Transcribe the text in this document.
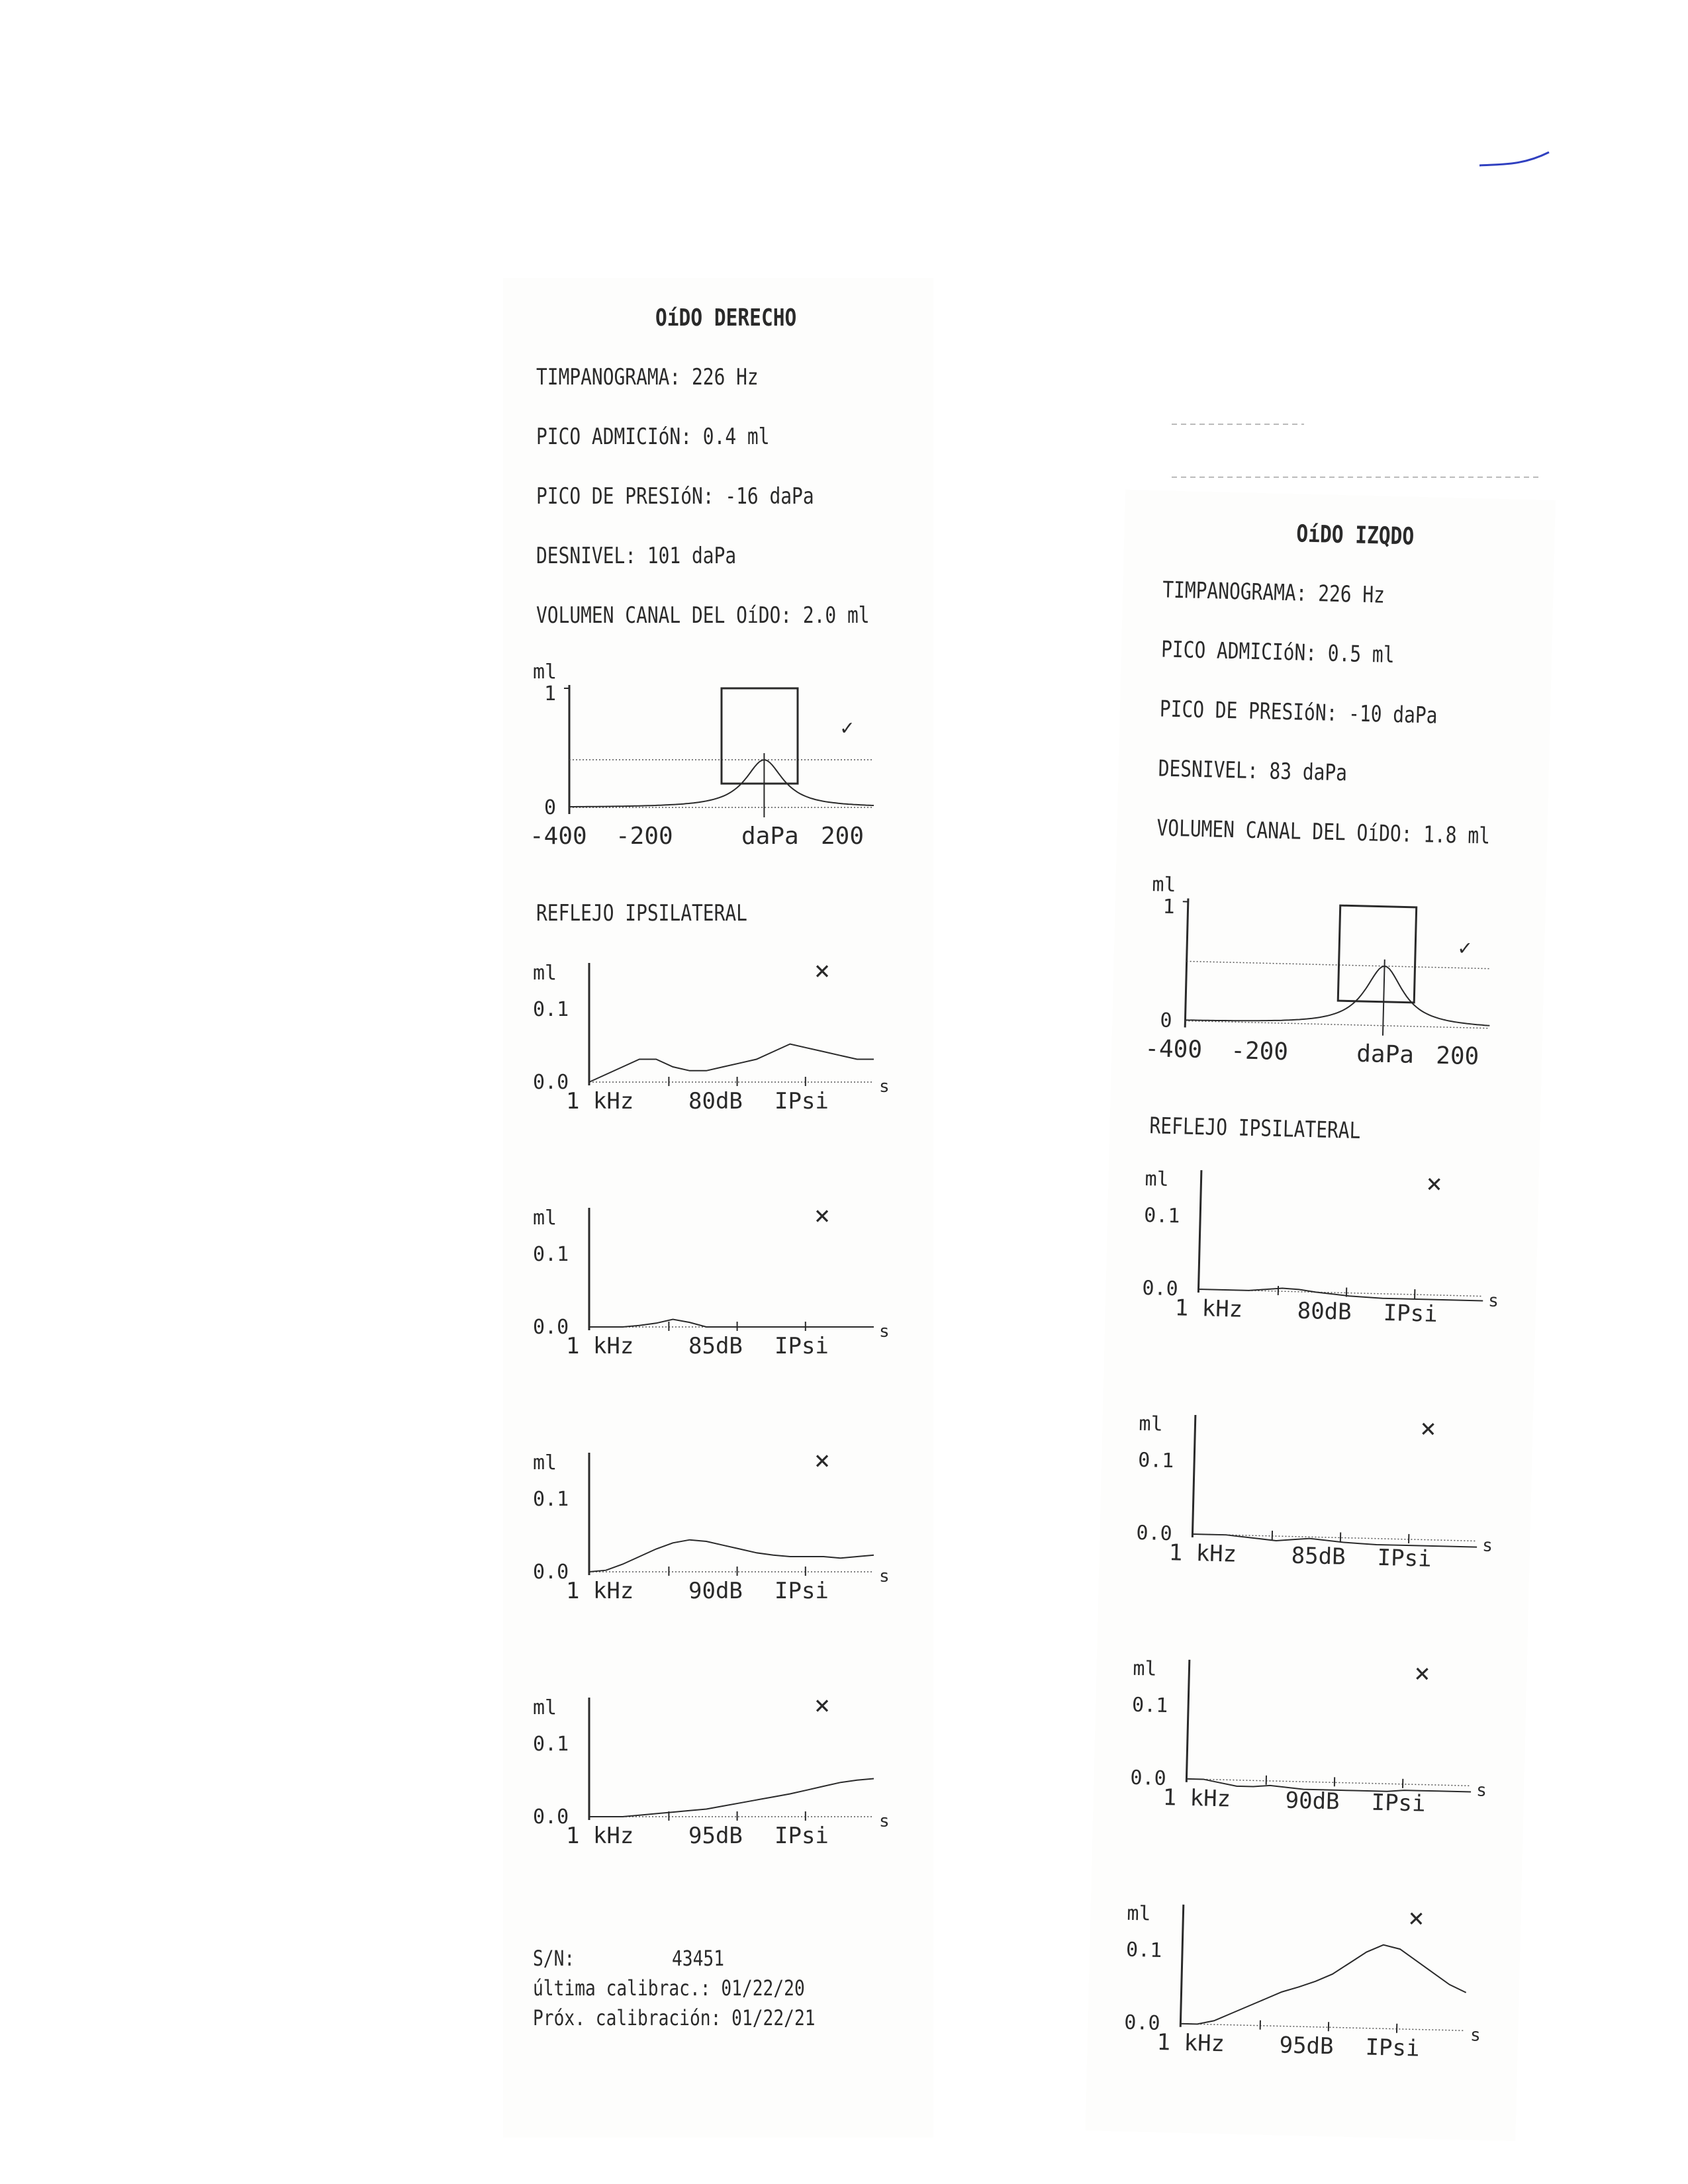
OíDO DERECHO
TIMPANOGRAMA: 226 Hz
PICO ADMICIóN: 0.4 ml
PICO DE PRESIóN: -16 daPa
DESNIVEL: 101 daPa
VOLUMEN CANAL DEL OíDO: 2.0 ml
ml
1
0
✓
-400 -200	daPa 200
REFLEJO IPSILATERAL
ml
0.1
0.0
×
1 kHz 80dB IPsi
s
ml
0.1
0.0
×
1 kHz 85dB IPsi
s
ml
0.1
0.0
×
1 kHz 90dB IPsi
s
ml
0.1
0.0
×
1 kHz 95dB IPsi
s
S/N:	43451
última calibrac.: 01/22/20
Próx. calibración: 01/22/21
OíDO IZQDO
TIMPANOGRAMA: 226 Hz
PICO ADMICIóN: 0.5 ml
PICO DE PRESIóN: -10 daPa
DESNIVEL: 83 daPa
VOLUMEN CANAL DEL OíDO: 1.8 ml
ml
1
0
✓
-400 -200	daPa 200
REFLEJO IPSILATERAL
ml
0.1
0.0
×
1 kHz 80dB IPsi	s
ml
0.1
0.0
×
1 kHz 85dB IPsi	s
ml
0.1
0.0
×
1 kHz 90dB IPsi	s
ml
0.1
0.0
×
1 kHz 95dB IPsi	s
